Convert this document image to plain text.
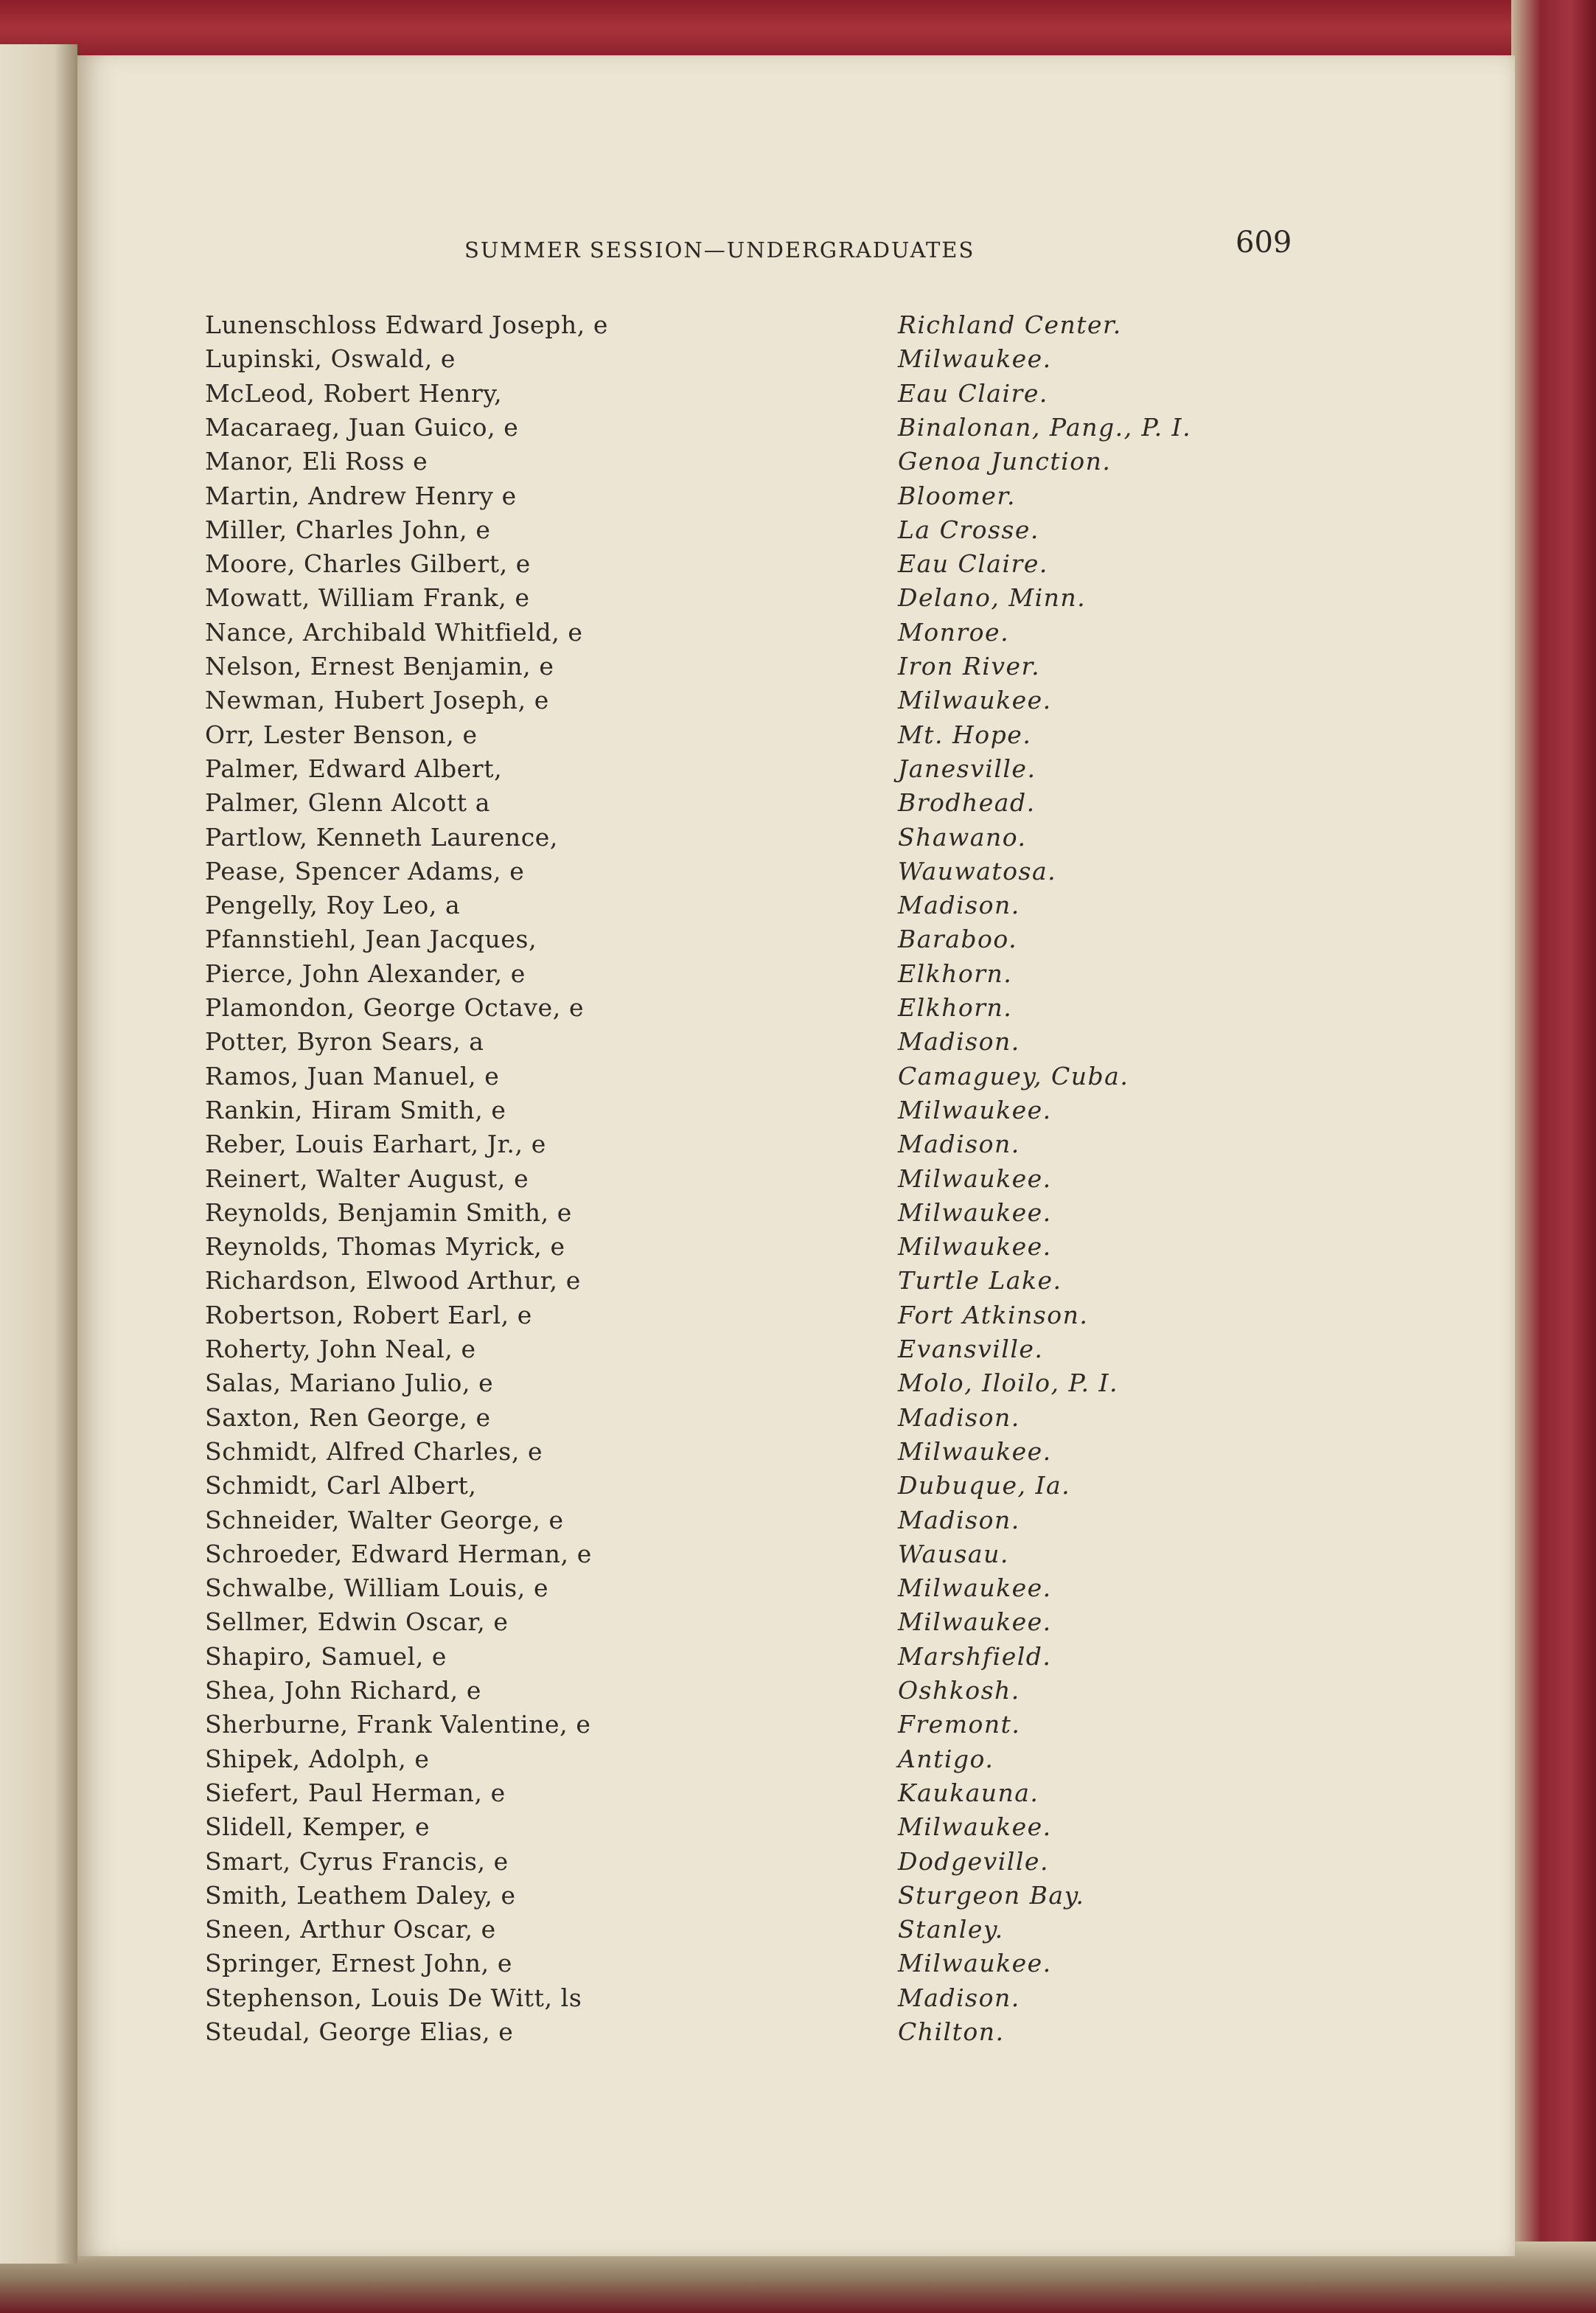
SUMMER SESSION—UNDERGRADUATES	609
Lunenschloss Edward Joseph, e	Richland Center.
Lupinski, Oswald, e	Milwaukee.
McLeod, Robert Henry,	Eau Claire.
Macaraeg, Juan Guico, e	Binalonan, Pang., P. I.
Manor, Eli Ross e	Genoa Junction.
Martin, Andrew Henry e	Bloomer.
Miller, Charles John, e	La Crosse.
Moore, Charles Gilbert, e	Eau Claire.
Mowatt, William Frank, e	Delano, Minn.
Nance, Archibald Whitfield, e	Monroe.
Nelson, Ernest Benjamin, e	Iron River.
Newman, Hubert Joseph, e	Milwaukee.
Orr, Lester Benson, e	Mt. Hope.
Palmer, Edward Albert,	Janesville.
Palmer, Glenn Alcott a	Brodhead.
Partlow, Kenneth Laurence,	Shawano.
Pease, Spencer Adams, e	Wauwatosa.
Pengelly, Roy Leo, a	Madison.
Pfannstiehl, Jean Jacques,	Baraboo.
Pierce, John Alexander, e	Elkhorn.
Plamondon, George Octave, e	Elkhorn.
Potter, Byron Sears, a	Madison.
Ramos, Juan Manuel, e	Camaguey, Cuba.
Rankin, Hiram Smith, e	Milwaukee.
Reber, Louis Earhart, Jr., e	Madison.
Reinert, Walter August, e	Milwaukee.
Reynolds, Benjamin Smith, e	Milwaukee.
Reynolds, Thomas Myrick, e	Milwaukee.
Richardson, Elwood Arthur, e	Turtle Lake.
Robertson, Robert Earl, e	Fort Atkinson.
Roherty, John Neal, e	Evansville.
Salas, Mariano Julio, e	Molo, Iloilo, P. I.
Saxton, Ren George, e	Madison.
Schmidt, Alfred Charles, e	Milwaukee.
Schmidt, Carl Albert,	Dubuque, Ia.
Schneider, Walter George, e	Madison.
Schroeder, Edward Herman, e	Wausau.
Schwalbe, William Louis, e	Milwaukee.
Sellmer, Edwin Oscar, e	Milwaukee.
Shapiro, Samuel, e	Marshfield.
Shea, John Richard, e	Oshkosh.
Sherburne, Frank Valentine, e	Fremont.
Shipek, Adolph, e	Antigo.
Siefert, Paul Herman, e	Kaukauna.
Slidell, Kemper, e	Milwaukee.
Smart, Cyrus Francis, e	Dodgeville.
Smith, Leathem Daley, e	Sturgeon Bay.
Sneen, Arthur Oscar, e	Stanley.
Springer, Ernest John, e	Milwaukee.
Stephenson, Louis De Witt, ls	Madison.
Steudal, George Elias, e	Chilton.
